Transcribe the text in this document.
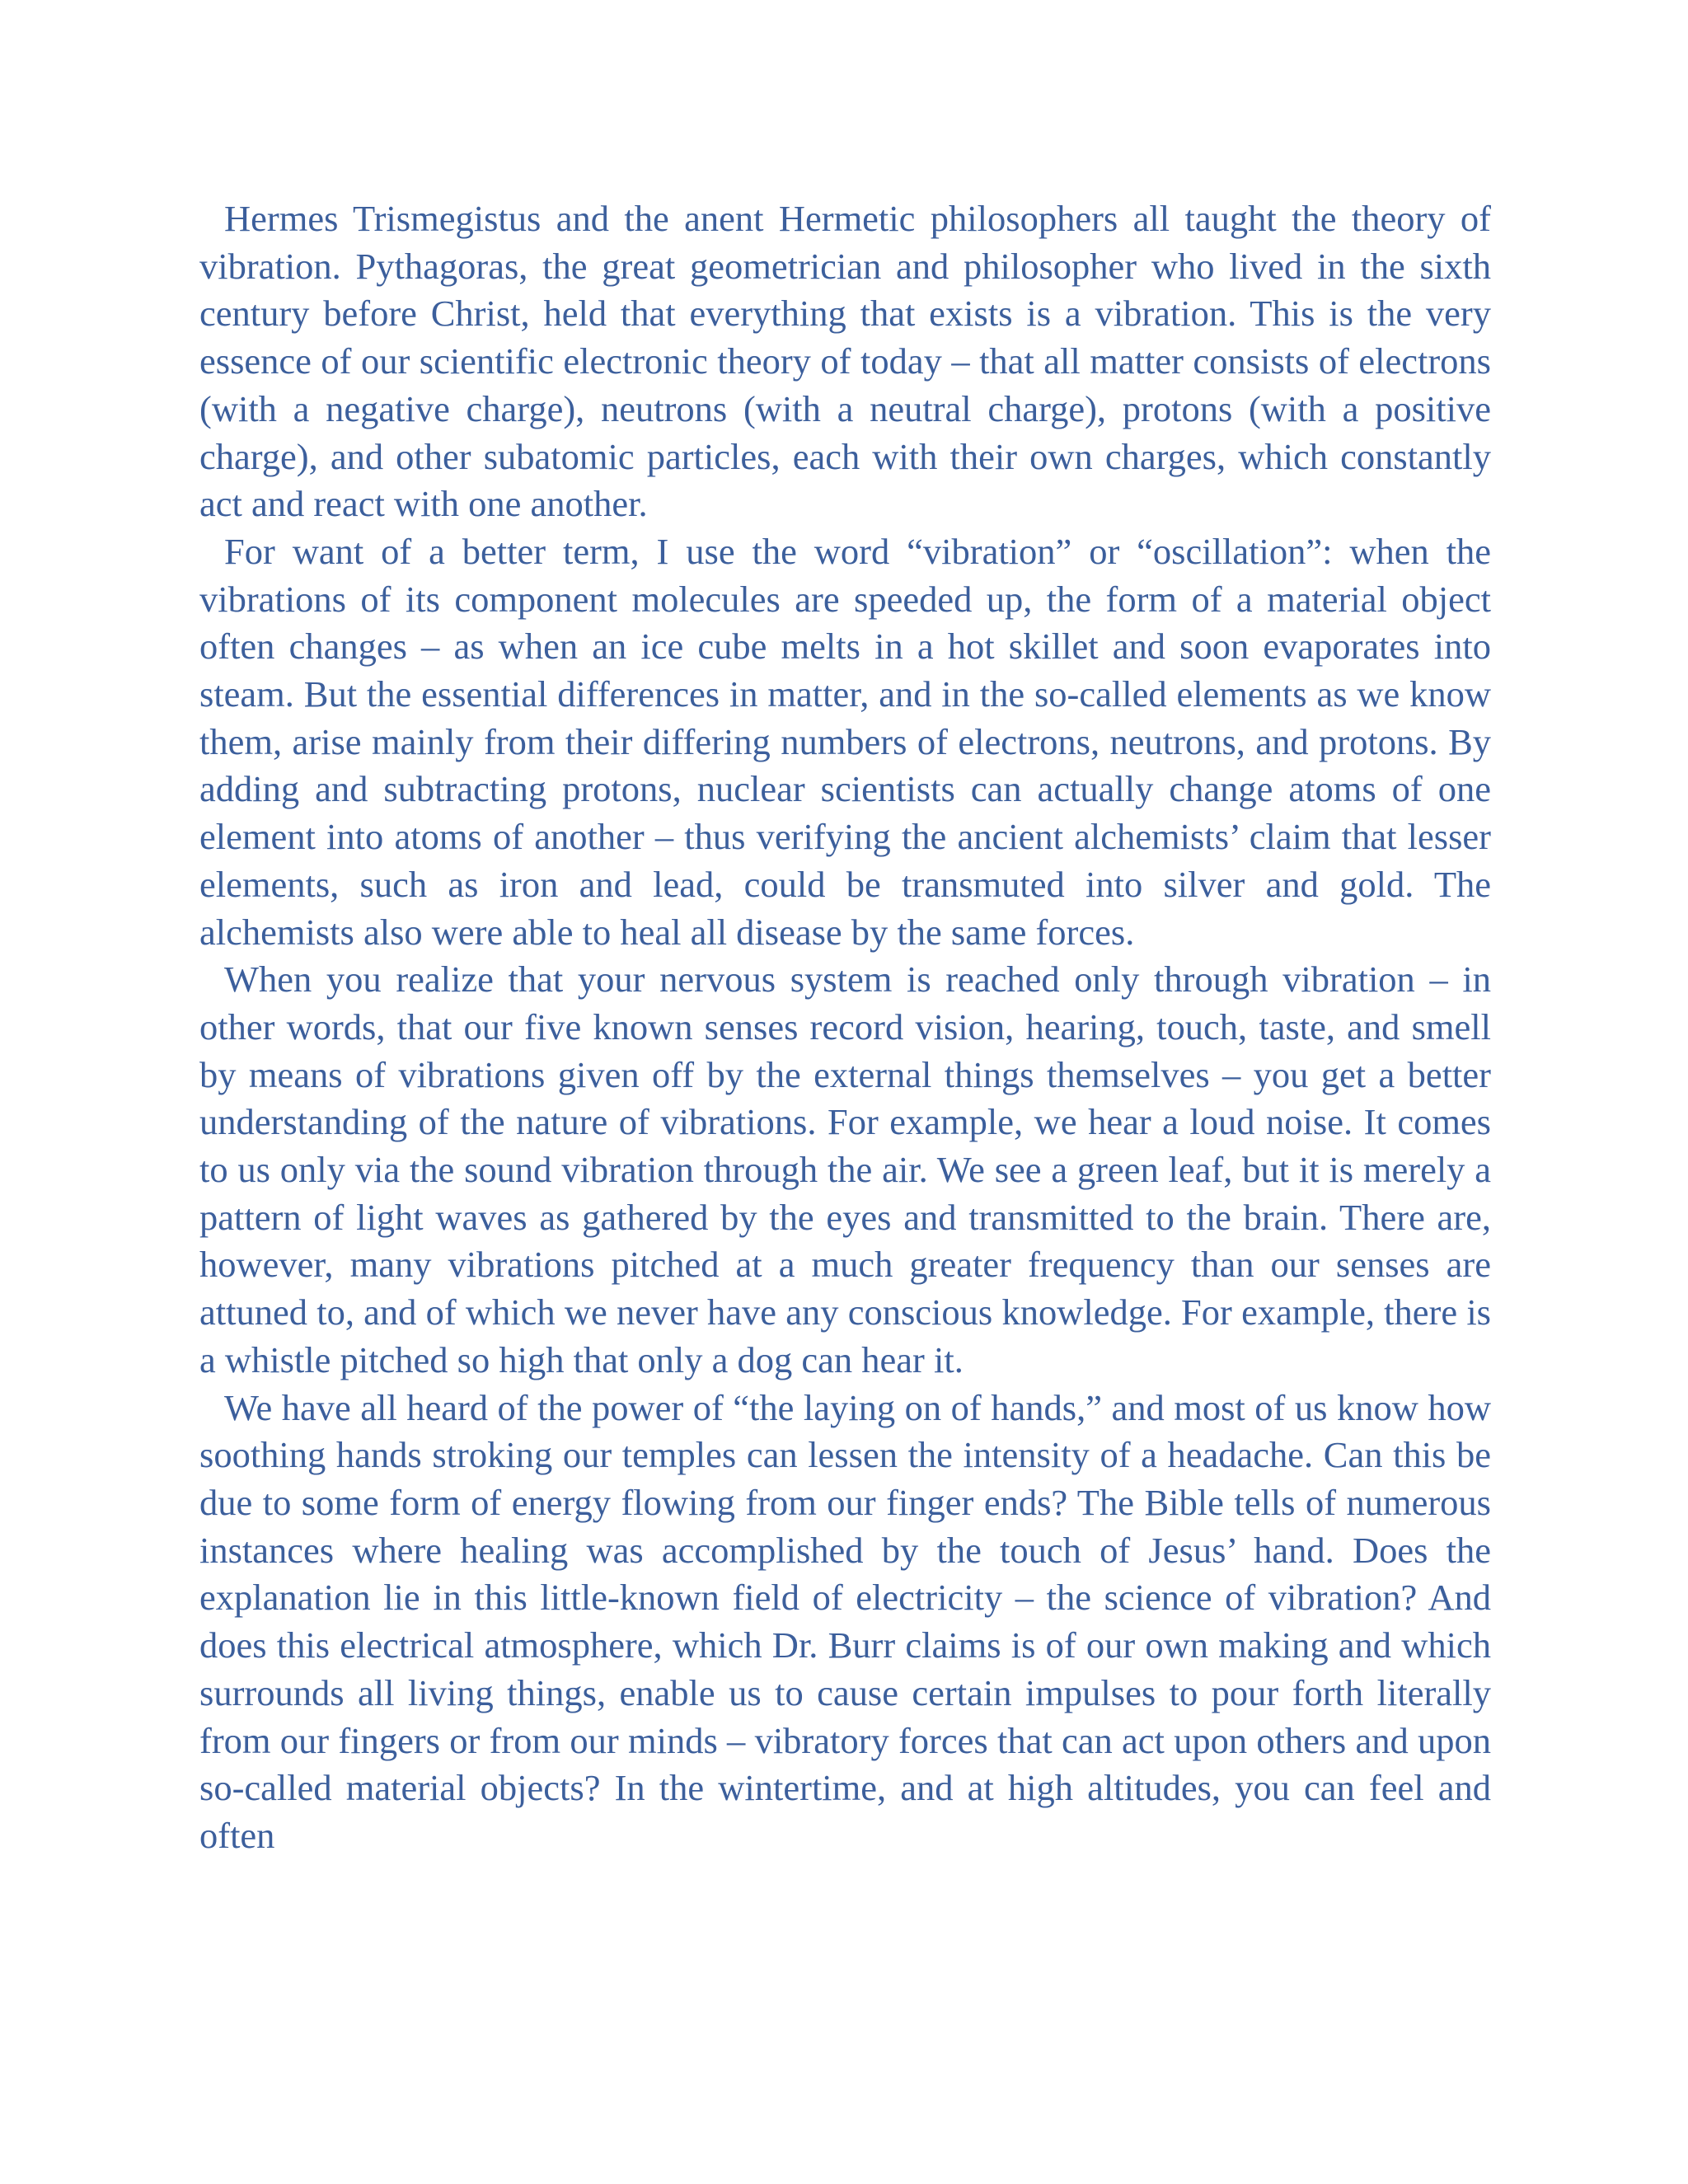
Hermes Trismegistus and the anent Hermetic philosophers all taught the theory of vibration. Pythagoras, the great geometrician and philosopher who lived in the sixth century before Christ, held that everything that exists is a vibration. This is the very essence of our scientific electronic theory of today – that all matter consists of electrons (with a negative charge), neutrons (with a neutral charge), protons (with a positive charge), and other subatomic particles, each with their own charges, which constantly act and react with one another.

For want of a better term, I use the word “vibration” or “oscillation”: when the vibrations of its component molecules are speeded up, the form of a material object often changes – as when an ice cube melts in a hot skillet and soon evaporates into steam. But the essential differences in matter, and in the so-called elements as we know them, arise mainly from their differing numbers of electrons, neutrons, and protons. By adding and subtracting protons, nuclear scientists can actually change atoms of one element into atoms of another – thus verifying the ancient alchemists’ claim that lesser elements, such as iron and lead, could be transmuted into silver and gold. The alchemists also were able to heal all disease by the same forces.

When you realize that your nervous system is reached only through vibration – in other words, that our five known senses record vision, hearing, touch, taste, and smell by means of vibrations given off by the external things themselves – you get a better understanding of the nature of vibrations. For example, we hear a loud noise. It comes to us only via the sound vibration through the air. We see a green leaf, but it is merely a pattern of light waves as gathered by the eyes and transmitted to the brain. There are, however, many vibrations pitched at a much greater frequency than our senses are attuned to, and of which we never have any conscious knowledge. For example, there is a whistle pitched so high that only a dog can hear it.

We have all heard of the power of “the laying on of hands,” and most of us know how soothing hands stroking our temples can lessen the intensity of a headache. Can this be due to some form of energy flowing from our finger ends? The Bible tells of numerous instances where healing was accomplished by the touch of Jesus’ hand. Does the explanation lie in this little-known field of electricity – the science of vibration? And does this electrical atmosphere, which Dr. Burr claims is of our own making and which surrounds all living things, enable us to cause certain impulses to pour forth literally from our fingers or from our minds – vibratory forces that can act upon others and upon so-called material objects? In the wintertime, and at high altitudes, you can feel and often
